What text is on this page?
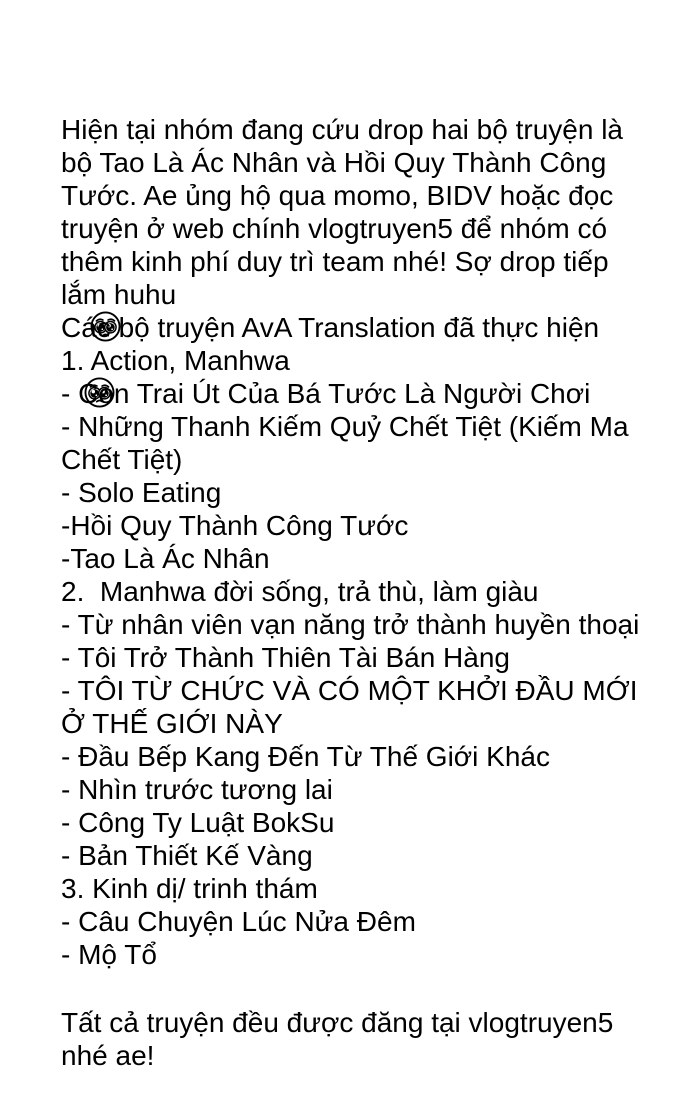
Hiện tại nhóm đang cứu drop hai bộ truyện là
bộ Tao Là Ác Nhân và Hồi Quy Thành Công
Tước. Ae ủng hộ qua momo, BIDV hoặc đọc
truyện ở web chính vlogtruyen5 để nhóm có
thêm kinh phí duy trì team nhé! Sợ drop tiếp
lắm huhu

Các bộ truyện AvA Translation đã thực hiện
1. Action, Manhwa
- Con Trai Út Của Bá Tước Là Người Chơi
- Những Thanh Kiếm Quỷ Chết Tiệt (Kiếm Ma
Chết Tiệt)
- Solo Eating
-Hồi Quy Thành Công Tước
-Tao Là Ác Nhân
2.  Manhwa đời sống, trả thù, làm giàu
- Từ nhân viên vạn năng trở thành huyền thoại
- Tôi Trở Thành Thiên Tài Bán Hàng
- TÔI TỪ CHỨC VÀ CÓ MỘT KHỞI ĐẦU MỚI
Ở THẾ GIỚI NÀY
- Đầu Bếp Kang Đến Từ Thế Giới Khác
- Nhìn trước tương lai
- Công Ty Luật BokSu
- Bản Thiết Kế Vàng
3. Kinh dị/ trinh thám
- Câu Chuyện Lúc Nửa Đêm
- Mộ Tổ
Tất cả truyện đều được đăng tại vlogtruyen5
nhé ae!
